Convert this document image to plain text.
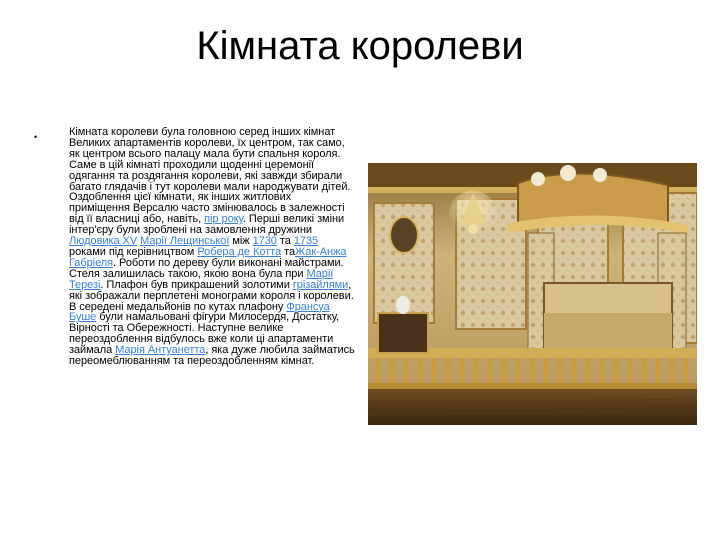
Кімната королеви
•	Кімната королеви була головною серед інших кімнат Великих апартаментів королеви, їх центром, так само, як центром всього палацу мала бути спальня короля. Саме в цій кімнаті проходили щоденні церемонії одягання та роздягання королеви, які завжди збирали багато глядачів і тут королеви мали народжувати дітей. Оздоблення цієї кімнати, як інших житлових приміщення Версалю часто змінювалось в залежності від її власниці або, навіть, пір року. Перші великі зміни інтер'єру були зроблені на замовлення дружини Людовика XV Марії Лещинської між 1730 та 1735 роками під керівництвом Робера де Котта таЖак-Анжа Габріеля. Роботи по дереву були виконані майстрами. Стеля залишилась такою, якою вона була при Марії Терезі. Плафон був прикрашений золотими грізайлями, які зображали перплетені монограми короля і королеви. В середені медальйонів по кутах плафону Франсуа Буше були намальовані фігури Милосердя, Достатку, Вірності та Обережності. Наступне велике переоздоблення відбулось вже коли ці апартаменти займала Марія Антуанетта, яка дуже любила займатись переомеблюванням та переоздобленням кімнат.
